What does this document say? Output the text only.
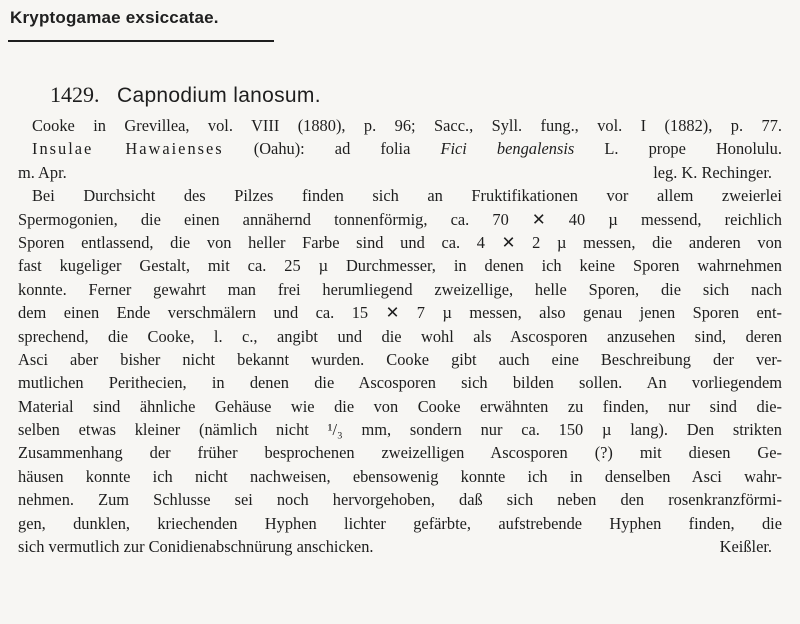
Kryptogamae exsiccatae.
1429. Capnodium lanosum.
Cooke in Grevillea, vol. VIII (1880), p. 96; Sacc., Syll. fung., vol. I (1882), p. 77.
Insulae Hawaienses (Oahu): ad folia Fici bengalensis L. prope Honolulu.
m. Apr.	leg. K. Rechinger.
Bei Durchsicht des Pilzes finden sich an Fruktifikationen vor allem zweierlei
Spermogonien, die einen annähernd tonnenförmig, ca. 70 ✕ 40 µ messend, reichlich
Sporen entlassend, die von heller Farbe sind und ca. 4 ✕ 2 µ messen, die anderen von
fast kugeliger Gestalt, mit ca. 25 µ Durchmesser, in denen ich keine Sporen wahrnehmen
konnte. Ferner gewahrt man frei herumliegend zweizellige, helle Sporen, die sich nach
dem einen Ende verschmälern und ca. 15 ✕ 7 µ messen, also genau jenen Sporen ent-
sprechend, die Cooke, l. c., angibt und die wohl als Ascosporen anzusehen sind, deren
Asci aber bisher nicht bekannt wurden. Cooke gibt auch eine Beschreibung der ver-
mutlichen Perithecien, in denen die Ascosporen sich bilden sollen. An vorliegendem
Material sind ähnliche Gehäuse wie die von Cooke erwähnten zu finden, nur sind die-
selben etwas kleiner (nämlich nicht ¹/₃ mm, sondern nur ca. 150 µ lang). Den strikten
Zusammenhang der früher besprochenen zweizelligen Ascosporen (?) mit diesen Ge-
häusen konnte ich nicht nachweisen, ebensowenig konnte ich in denselben Asci wahr-
nehmen. Zum Schlusse sei noch hervorgehoben, daß sich neben den rosenkranzförmi-
gen, dunklen, kriechenden Hyphen lichter gefärbte, aufstrebende Hyphen finden, die
sich vermutlich zur Conidienabschnürung anschicken.	Keißler.
